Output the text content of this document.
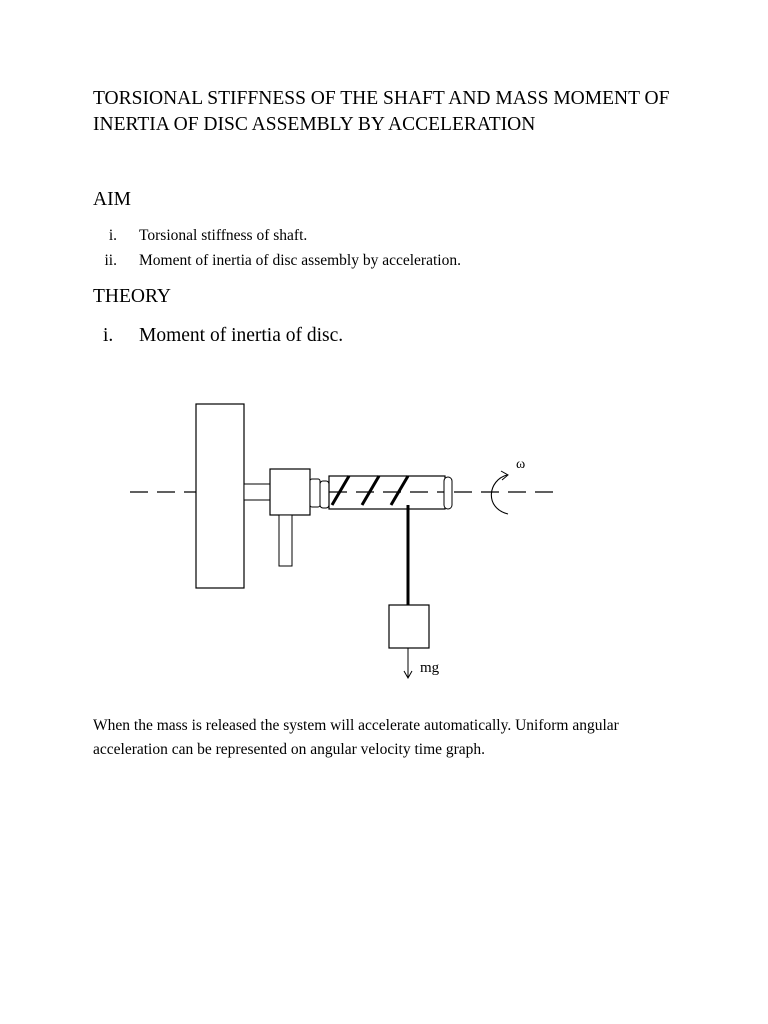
TORSIONAL STIFFNESS OF THE SHAFT AND MASS MOMENT OF INERTIA OF DISC ASSEMBLY BY ACCELERATION
AIM
i. Torsional stiffness of shaft.
ii. Moment of inertia of disc assembly by acceleration.
THEORY
i. Moment of inertia of disc.
mg
ω

When the mass is released the system will accelerate automatically. Uniform angular acceleration can be represented on angular velocity time graph.
